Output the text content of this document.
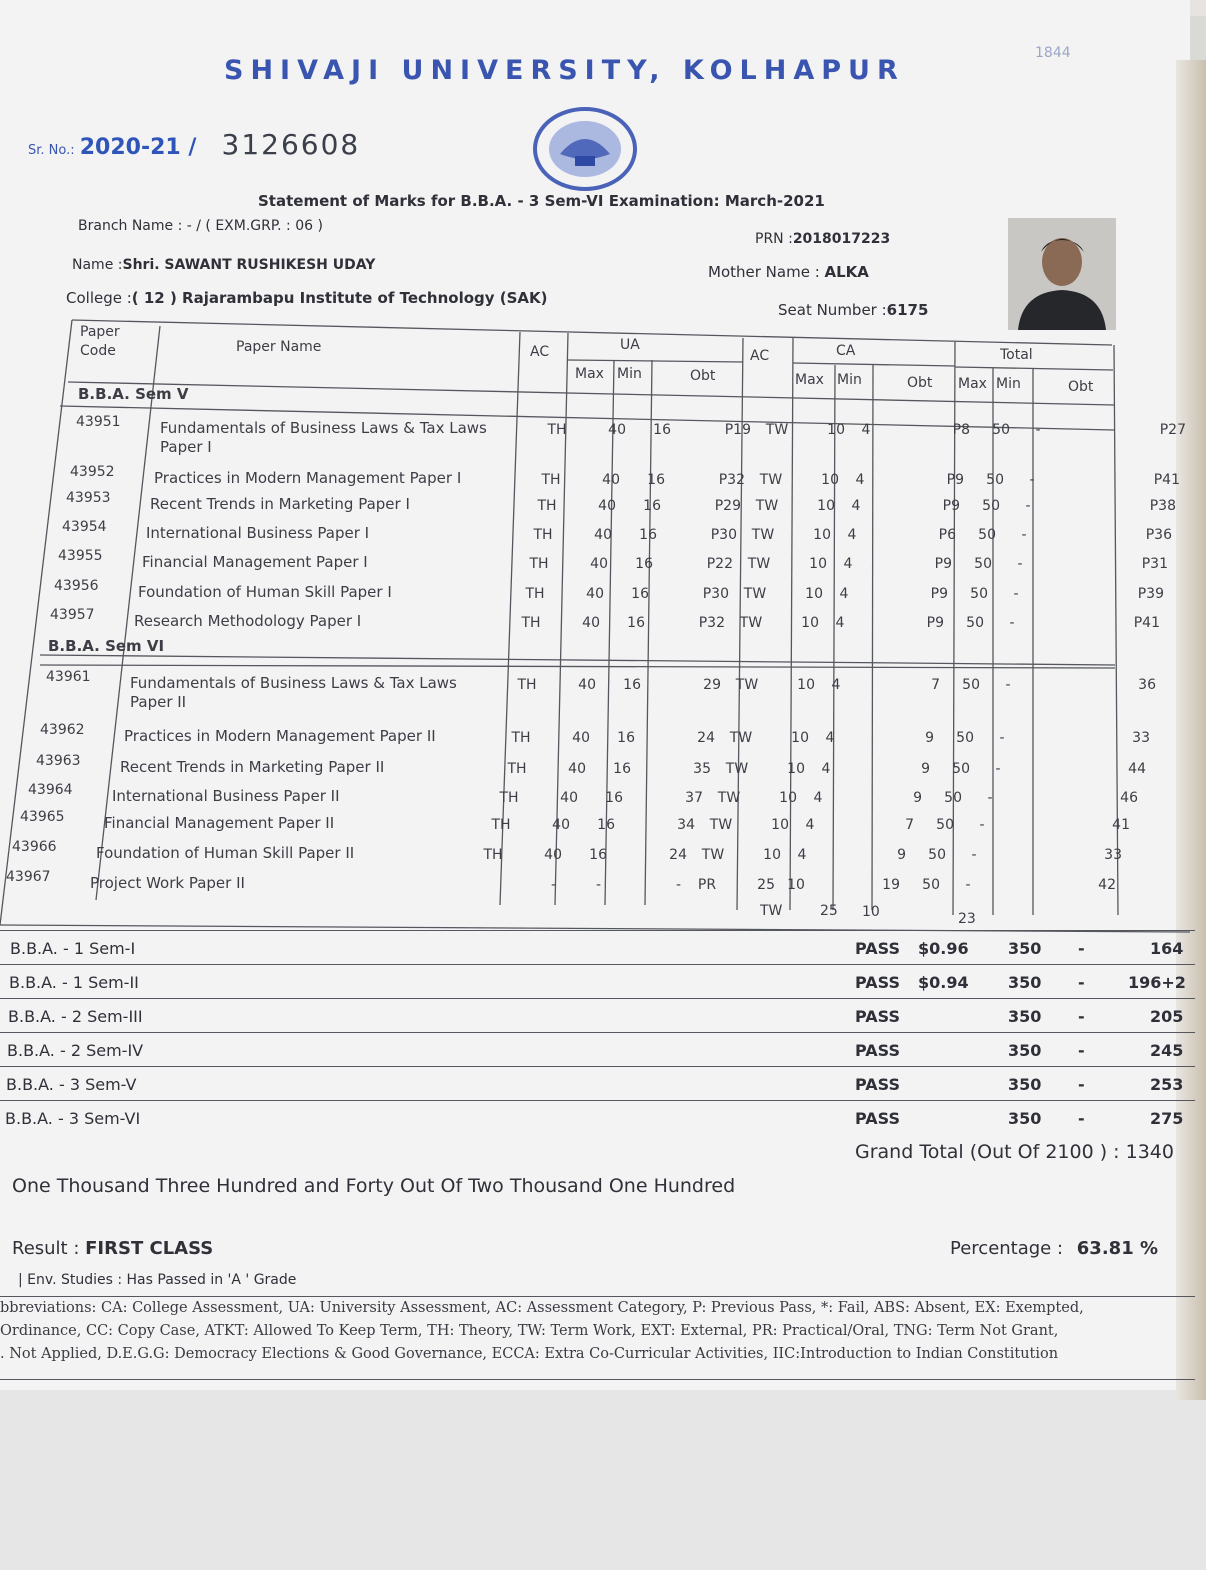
SHIVAJI UNIVERSITY, KOLHAPUR
1844
Sr. No.: 2020-21 / 3126608
Statement of Marks for B.B.A. - 3 Sem-VI Examination: March-2021
Branch Name : - / ( EXM.GRP. : 06 )
PRN :2018017223
Name :Shri. SAWANT RUSHIKESH UDAY	Mother Name : ALKA
College :( 12 ) Rajarambapu Institute of Technology (SAK)
Seat Number :6175
Paper Code	Paper Name	AC	UA
Max Min	Obt
AC	CA
Max Min	Obt
Total
Max Min	Obt
B.B.A. Sem V
43951	Fundamentals of Business Laws & Tax Laws	TH	40	16	P19	TW	10	4	P8	50	-	P27
Paper I
43952	Practices in Modern Management Paper I	TH	40	16	P32	TW	10	4	P9	50	-	P41
43953	Recent Trends in Marketing Paper I	TH	40	16	P29	TW	10	4	P9	50	-	P38
43954	International Business Paper I	TH	40	16	P30	TW	10	4	P6	50	-	P36
43955	Financial Management Paper I	TH	40	16	P22	TW	10	4	P9	50	-	P31
43956	Foundation of Human Skill Paper I	TH	40	16	P30	TW	10	4	P9	50	-	P39
43957	Research Methodology Paper I	TH	40	16	P32	TW	10	4	P9	50	-	P41
B.B.A. Sem VI
43961	Fundamentals of Business Laws & Tax Laws	TH	40	16	29	TW	10	4	7	50	-	36
Paper II
43962	Practices in Modern Management Paper II	TH	40	16	24	TW	10	4	9	50	-	33
43963	Recent Trends in Marketing Paper II	TH	40	16	35	TW	10	4	9	50	-	44
43964	International Business Paper II	TH	40	16	37	TW	10	4	9	50	-	46
43965	Financial Management Paper II	TH	40	16	34	TW	10	4	7	50	-	41
43966	Foundation of Human Skill Paper II	TH	40	16	24	TW	10	4	9	50	-	33
43967	Project Work Paper II	-	-	-	PR	25 10	19	50	-	42
TW	25 10	23
B.B.A. - 1 Sem-I	PASS $0.96 350 -	164
B.B.A. - 1 Sem-II	PASS $0.94 350 -	196+2
B.B.A. - 2 Sem-III	PASS	350 -	205
B.B.A. - 2 Sem-IV	PASS	350 -	245
B.B.A. - 3 Sem-V	PASS	350 -	253
B.B.A. - 3 Sem-VI	PASS	350 -	275
Grand Total (Out Of 2100 ) : 1340
One Thousand Three Hundred and Forty Out Of Two Thousand One Hundred
Result : FIRST CLASS	Percentage : 63.81 %
| Env. Studies : Has Passed in 'A ' Grade
bbreviations: CA: College Assessment, UA: University Assessment, AC: Assessment Category, P: Previous Pass, *: Fail, ABS: Absent, EX: Exempted,
Ordinance, CC: Copy Case, ATKT: Allowed To Keep Term, TH: Theory, TW: Term Work, EXT: External, PR: Practical/Oral, TNG: Term Not Grant,
. Not Applied, D.E.G.G: Democracy Elections & Good Governance, ECCA: Extra Co-Curricular Activities, IIC:Introduction to Indian Constitution
